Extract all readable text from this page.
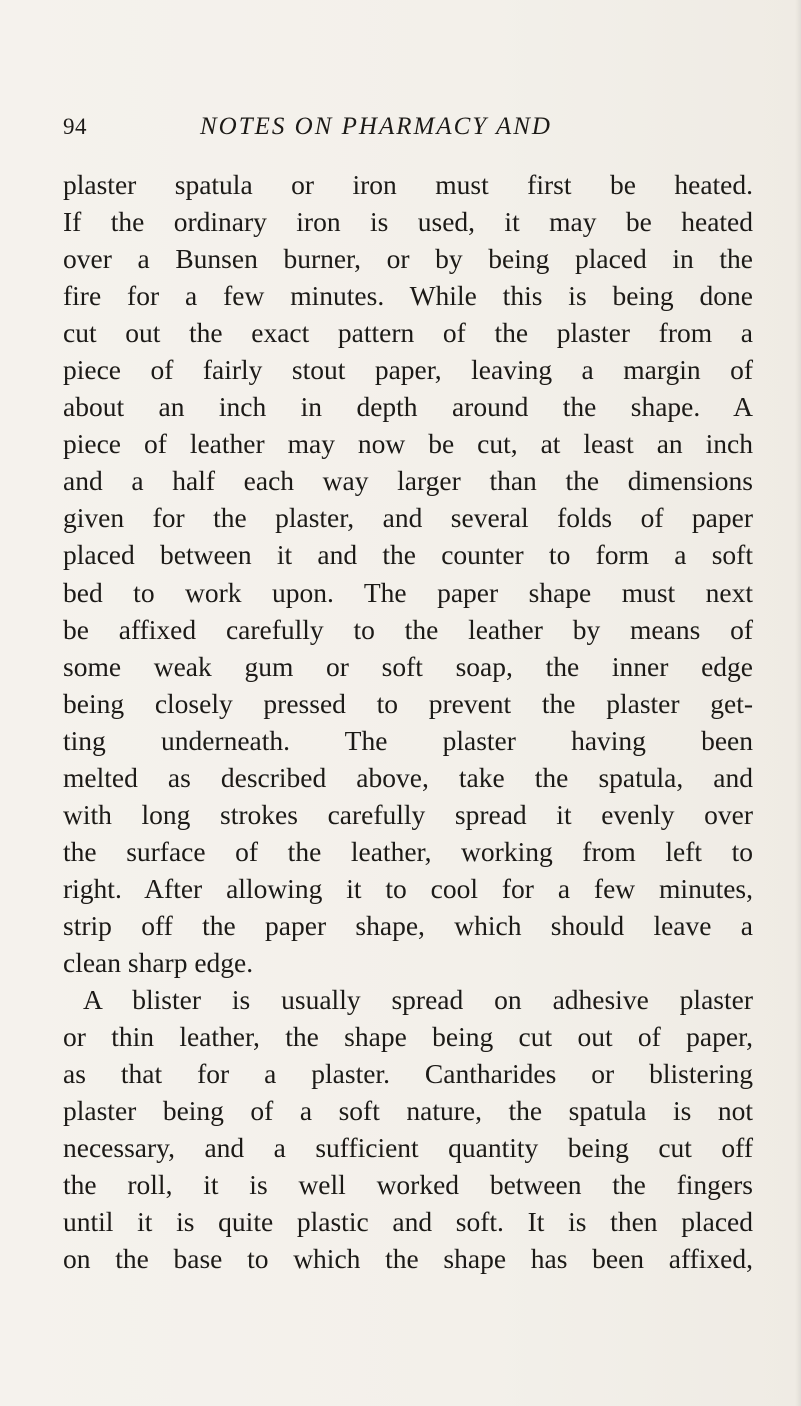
94	NOTES ON PHARMACY AND
plaster spatula or iron must first be heated.
If the ordinary iron is used, it may be heated
over a Bunsen burner, or by being placed in the
fire for a few minutes. While this is being done
cut out the exact pattern of the plaster from a
piece of fairly stout paper, leaving a margin of
about an inch in depth around the shape. A
piece of leather may now be cut, at least an inch
and a half each way larger than the dimensions
given for the plaster, and several folds of paper
placed between it and the counter to form a soft
bed to work upon. The paper shape must next
be affixed carefully to the leather by means of
some weak gum or soft soap, the inner edge
being closely pressed to prevent the plaster get-
ting underneath. The plaster having been
melted as described above, take the spatula, and
with long strokes carefully spread it evenly over
the surface of the leather, working from left to
right. After allowing it to cool for a few minutes,
strip off the paper shape, which should leave a
clean sharp edge.
A blister is usually spread on adhesive plaster
or thin leather, the shape being cut out of paper,
as that for a plaster. Cantharides or blistering
plaster being of a soft nature, the spatula is not
necessary, and a sufficient quantity being cut off
the roll, it is well worked between the fingers
until it is quite plastic and soft. It is then placed
on the base to which the shape has been affixed,
